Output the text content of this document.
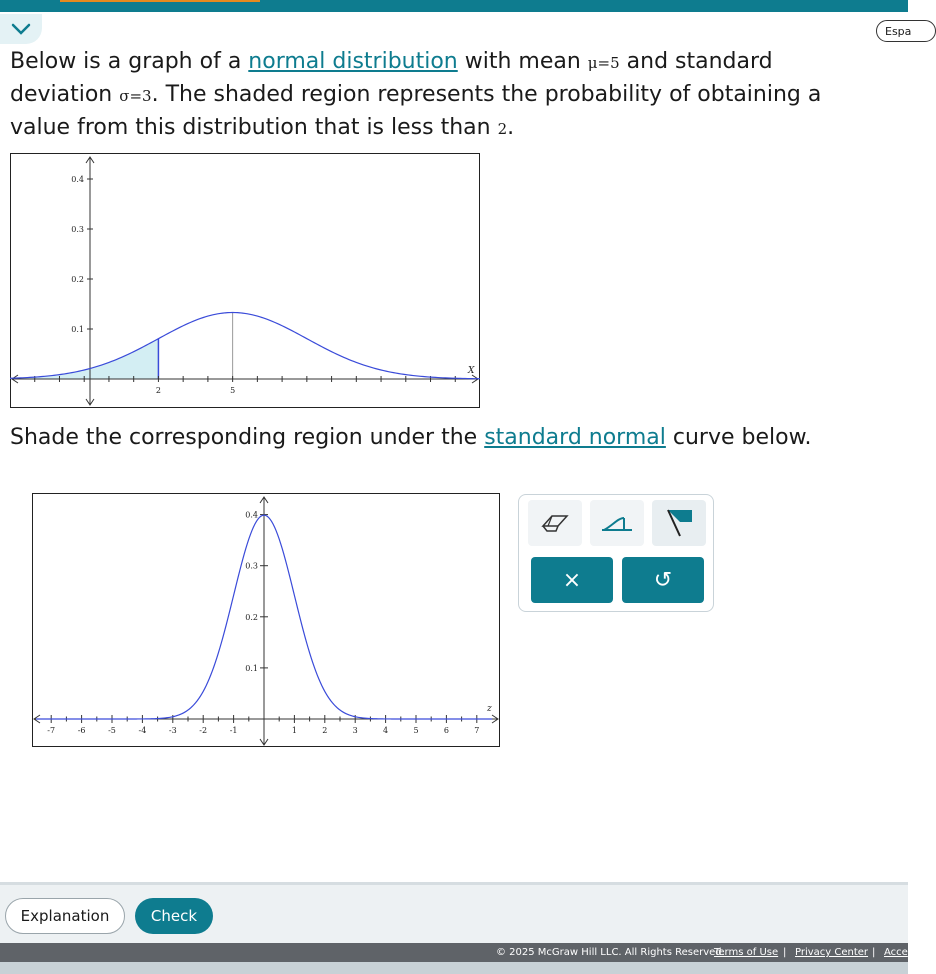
Espa
Below is a graph of a normal distribution with mean μ=5 and standard
deviation σ=3. The shaded region represents the probability of obtaining a
value from this distribution that is less than 2.
0.1
0.2
0.3
0.4
2	5
X
Shade the corresponding region under the standard normal curve below.
-7	-6	-5	-4	-3	-2	-1	1	2	3	4	5	6	7
0.1
0.2
0.3
0.4
z
×	↺
Explanation	Check
© 2025 McGraw Hill LLC. All Rights Reserved.
Terms of Use | Privacy Center | Acce
